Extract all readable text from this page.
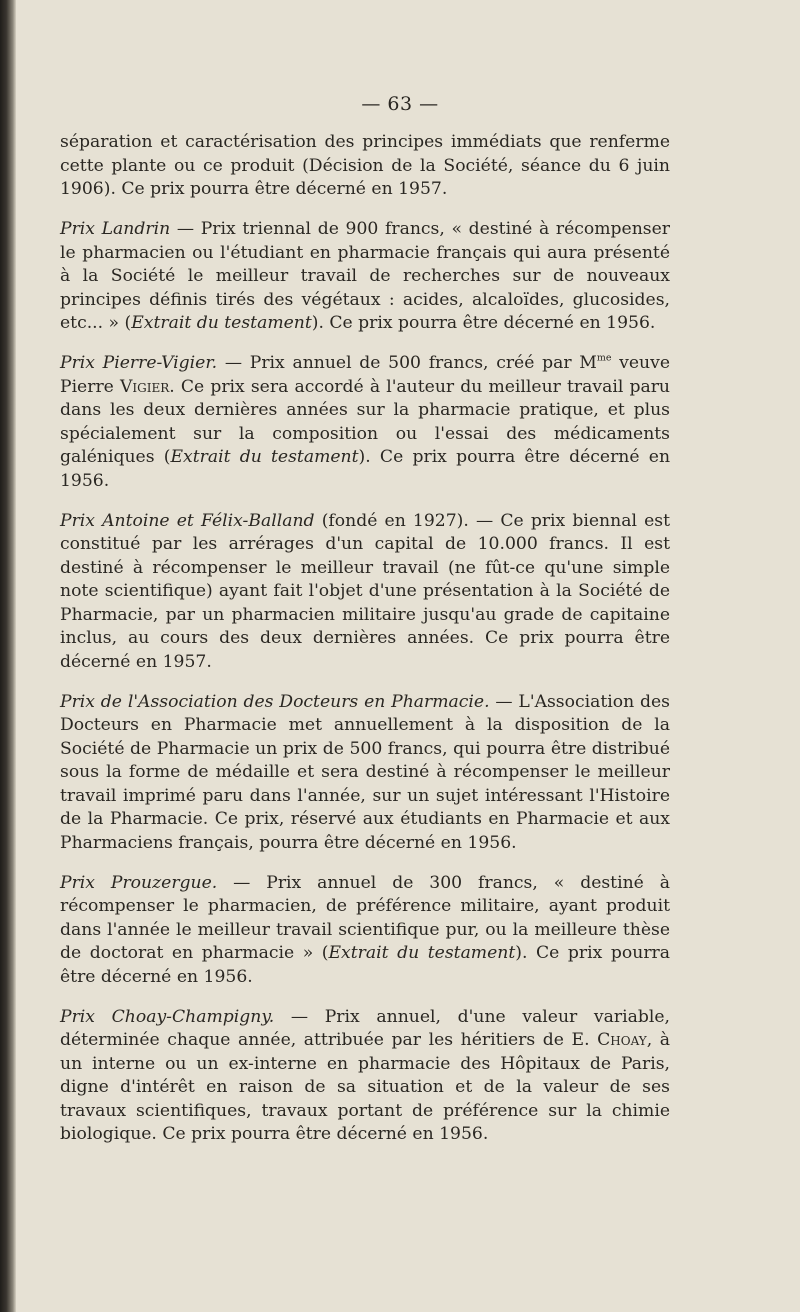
— 63 —

séparation et caractérisation des principes immédiats que renferme cette plante ou ce produit (Décision de la Société, séance du 6 juin 1906). Ce prix pourra être décerné en 1957.

Prix Landrin — Prix triennal de 900 francs, « destiné à récompenser le pharmacien ou l'étudiant en pharmacie français qui aura présenté à la Société le meilleur travail de recherches sur de nouveaux principes définis tirés des végétaux : acides, alcaloïdes, glucosides, etc... » (Extrait du testament). Ce prix pourra être décerné en 1956.

Prix Pierre-Vigier. — Prix annuel de 500 francs, créé par $M^{me}$ veuve Pierre Vigier. Ce prix sera accordé à l'auteur du meilleur travail paru dans les deux dernières années sur la pharmacie pratique, et plus spécialement sur la composition ou l'essai des médicaments galéniques (Extrait du testament). Ce prix pourra être décerné en 1956.

Prix Antoine et Félix-Balland (fondé en 1927). — Ce prix biennal est constitué par les arrérages d'un capital de 10.000 francs. Il est destiné à récompenser le meilleur travail (ne fût-ce qu'une simple note scientifique) ayant fait l'objet d'une présentation à la Société de Pharmacie, par un pharmacien militaire jusqu'au grade de capitaine inclus, au cours des deux dernières années. Ce prix pourra être décerné en 1957.

Prix de l'Association des Docteurs en Pharmacie. — L'Association des Docteurs en Pharmacie met annuellement à la disposition de la Société de Pharmacie un prix de 500 francs, qui pourra être distribué sous la forme de médaille et sera destiné à récompenser le meilleur travail imprimé paru dans l'année, sur un sujet intéressant l'Histoire de la Pharmacie. Ce prix, réservé aux étudiants en Pharmacie et aux Pharmaciens français, pourra être décerné en 1956.

Prix Prouzergue. — Prix annuel de 300 francs, « destiné à récompenser le pharmacien, de préférence militaire, ayant produit dans l'année le meilleur travail scientifique pur, ou la meilleure thèse de doctorat en pharmacie » (Extrait du testament). Ce prix pourra être décerné en 1956.

Prix Choay-Champigny. — Prix annuel, d'une valeur variable, déterminée chaque année, attribuée par les héritiers de E. Choay, à un interne ou un ex-interne en pharmacie des Hôpitaux de Paris, digne d'intérêt en raison de sa situation et de la valeur de ses travaux scientifiques, travaux portant de préférence sur la chimie biologique. Ce prix pourra être décerné en 1956.
